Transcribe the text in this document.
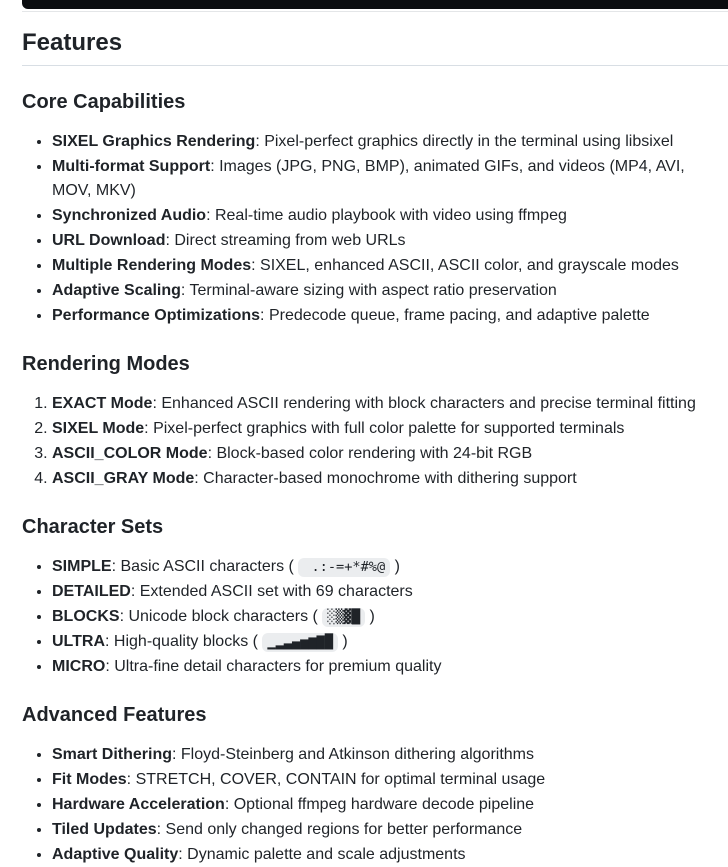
Features
Core Capabilities
• SIXEL Graphics Rendering: Pixel-perfect graphics directly in the terminal using libsixel
• Multi-format Support: Images (JPG, PNG, BMP), animated GIFs, and videos (MP4, AVI, MOV, MKV)
• Synchronized Audio: Real-time audio playbook with video using ffmpeg
• URL Download: Direct streaming from web URLs
• Multiple Rendering Modes: SIXEL, enhanced ASCII, ASCII color, and grayscale modes
• Adaptive Scaling: Terminal-aware sizing with aspect ratio preservation
• Performance Optimizations: Predecode queue, frame pacing, and adaptive palette
Rendering Modes
1. EXACT Mode: Enhanced ASCII rendering with block characters and precise terminal fitting
2. SIXEL Mode: Pixel-perfect graphics with full color palette for supported terminals
3. ASCII_COLOR Mode: Block-based color rendering with 24-bit RGB
4. ASCII_GRAY Mode: Character-based monochrome with dithering support
Character Sets
• SIMPLE: Basic ASCII characters (  .:-=+*#%@ )
• DETAILED: Extended ASCII set with 69 characters
• BLOCKS: Unicode block characters ( ░▒▓█ )
• ULTRA: High-quality blocks ( ▁▂▃▄▅▆▇█ )
• MICRO: Ultra-fine detail characters for premium quality
Advanced Features
• Smart Dithering: Floyd-Steinberg and Atkinson dithering algorithms
• Fit Modes: STRETCH, COVER, CONTAIN for optimal terminal usage
• Hardware Acceleration: Optional ffmpeg hardware decode pipeline
• Tiled Updates: Send only changed regions for better performance
• Adaptive Quality: Dynamic palette and scale adjustments
